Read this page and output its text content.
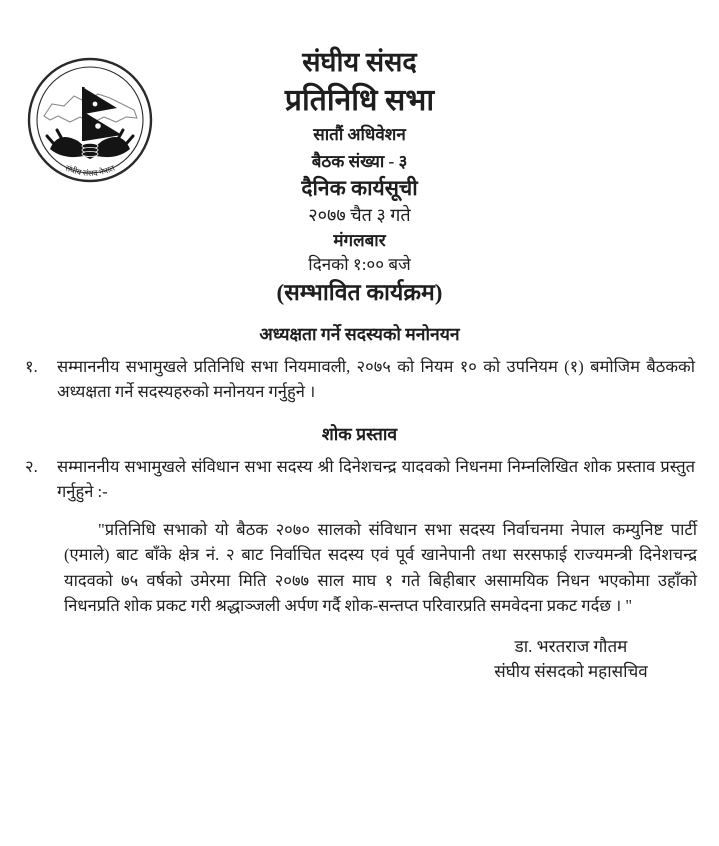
संघीय संसद नेपाल
संघीय संसद
प्रतिनिधि सभा
सातौं अधिवेशन
बैठक संख्या - ३
दैनिक कार्यसूची
२०७७ चैत ३ गते
मंगलबार
दिनको १:०० बजे
(सम्भावित कार्यक्रम)
अध्यक्षता गर्ने सदस्यको मनोनयन
१.	सम्माननीय सभामुखले प्रतिनिधि सभा नियमावली, २०७५ को नियम १० को उपनियम (१) बमोजिम बैठकको अध्यक्षता गर्ने सदस्यहरुको मनोनयन गर्नुहुने ।
शोक प्रस्ताव
२.	सम्माननीय सभामुखले संविधान सभा सदस्य श्री दिनेशचन्द्र यादवको निधनमा निम्नलिखित शोक प्रस्ताव प्रस्तुत गर्नुहुने :-
"प्रतिनिधि सभाको यो बैठक २०७० सालको संविधान सभा सदस्य निर्वाचनमा नेपाल कम्युनिष्ट पार्टी (एमाले) बाट बाँके क्षेत्र नं. २ बाट निर्वाचित सदस्य एवं पूर्व खानेपानी तथा सरसफाई राज्यमन्त्री दिनेशचन्द्र यादवको ७५ वर्षको उमेरमा मिति २०७७ साल माघ १ गते बिहीबार असामयिक निधन भएकोमा उहाँको निधनप्रति शोक प्रकट गरी श्रद्धाञ्जली अर्पण गर्दै शोक-सन्तप्त परिवारप्रति समवेदना प्रकट गर्दछ । "
डा. भरतराज गौतम
संघीय संसदको महासचिव
